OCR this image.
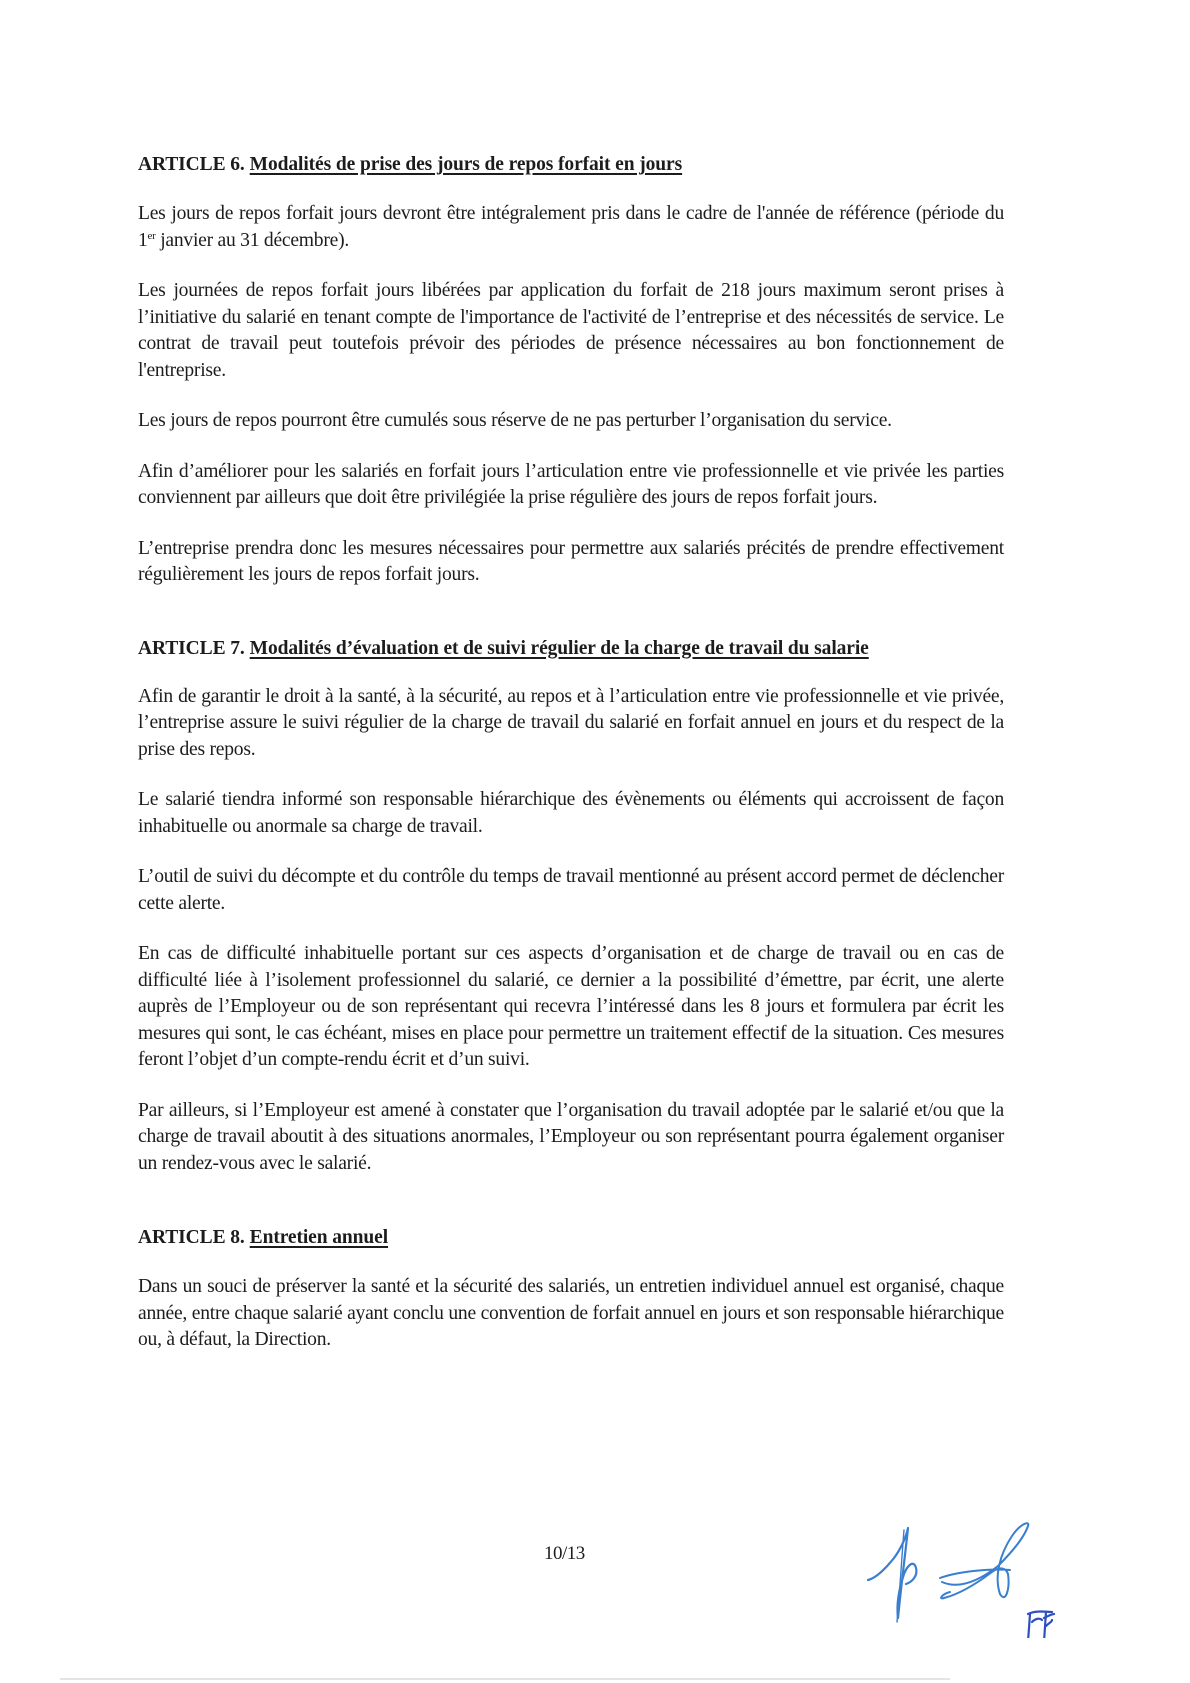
ARTICLE 6. Modalités de prise des jours de repos forfait en jours

Les jours de repos forfait jours devront être intégralement pris dans le cadre de l'année de référence (période du 1er janvier au 31 décembre).

Les journées de repos forfait jours libérées par application du forfait de 218 jours maximum seront prises à l’initiative du salarié en tenant compte de l'importance de l'activité de l’entreprise et des nécessités de service. Le contrat de travail peut toutefois prévoir des périodes de présence nécessaires au bon fonctionnement de l'entreprise.

Les jours de repos pourront être cumulés sous réserve de ne pas perturber l’organisation du service.

Afin d’améliorer pour les salariés en forfait jours l’articulation entre vie professionnelle et vie privée les parties conviennent par ailleurs que doit être privilégiée la prise régulière des jours de repos forfait jours.

L’entreprise prendra donc les mesures nécessaires pour permettre aux salariés précités de prendre effectivement régulièrement les jours de repos forfait jours.

ARTICLE 7. Modalités d’évaluation et de suivi régulier de la charge de travail du salarie

Afin de garantir le droit à la santé, à la sécurité, au repos et à l’articulation entre vie professionnelle et vie privée, l’entreprise assure le suivi régulier de la charge de travail du salarié en forfait annuel en jours et du respect de la prise des repos.

Le salarié tiendra informé son responsable hiérarchique des évènements ou éléments qui accroissent de façon inhabituelle ou anormale sa charge de travail.

L’outil de suivi du décompte et du contrôle du temps de travail mentionné au présent accord permet de déclencher cette alerte.

En cas de difficulté inhabituelle portant sur ces aspects d’organisation et de charge de travail ou en cas de difficulté liée à l’isolement professionnel du salarié, ce dernier a la possibilité d’émettre, par écrit, une alerte auprès de l’Employeur ou de son représentant qui recevra l’intéressé dans les 8 jours et formulera par écrit les mesures qui sont, le cas échéant, mises en place pour permettre un traitement effectif de la situation. Ces mesures feront l’objet d’un compte-rendu écrit et d’un suivi.

Par ailleurs, si l’Employeur est amené à constater que l’organisation du travail adoptée par le salarié et/ou que la charge de travail aboutit à des situations anormales, l’Employeur ou son représentant pourra également organiser un rendez-vous avec le salarié.

ARTICLE 8. Entretien annuel

Dans un souci de préserver la santé et la sécurité des salariés, un entretien individuel annuel est organisé, chaque année, entre chaque salarié ayant conclu une convention de forfait annuel en jours et son responsable hiérarchique ou, à défaut, la Direction.

10/13
